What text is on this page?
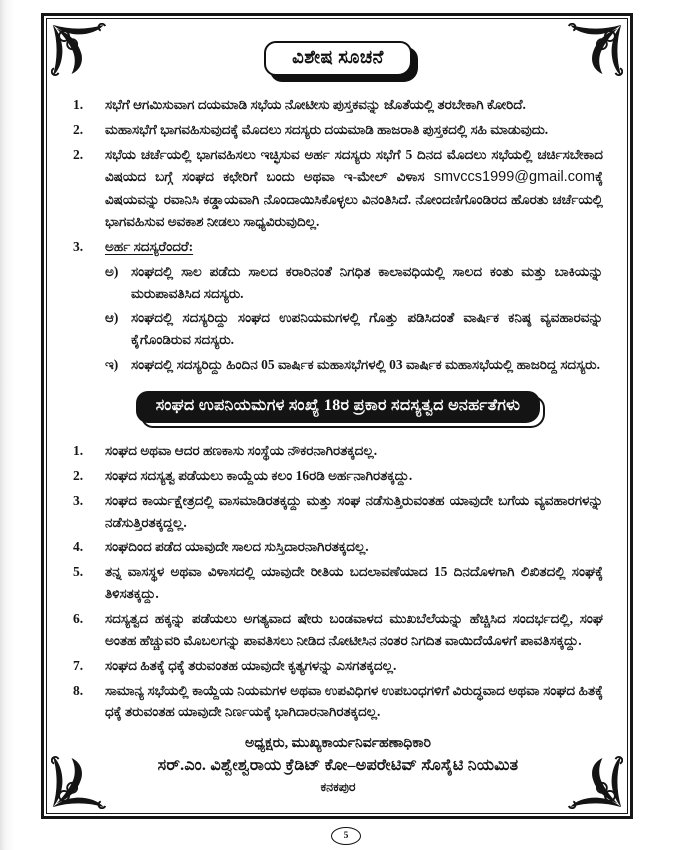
ವಿಶೇಷ ಸೂಚನೆ
1.	ಸಭೆಗೆ ಆಗಮಿಸುವಾಗ ದಯಮಾಡಿ ಸಭೆಯ ನೋಟೀಸು ಪುಸ್ತಕವನ್ನು ಜೊತೆಯಲ್ಲಿ ತರಬೇಕಾಗಿ ಕೋರಿದೆ.
2.	ಮಹಾಸಭೆಗೆ ಭಾಗವಹಿಸುವುದಕ್ಕೆ ಮೊದಲು ಸದಸ್ಯರು ದಯಮಾಡಿ ಹಾಜರಾತಿ ಪುಸ್ತಕದಲ್ಲಿ ಸಹಿ ಮಾಡುವುದು.
2.	ಸಭೆಯ ಚರ್ಚೆಯಲ್ಲಿ ಭಾಗವಹಿಸಲು ಇಚ್ಛಿಸುವ ಅರ್ಹ ಸದಸ್ಯರು ಸಭೆಗೆ 5 ದಿನದ ಮೊದಲು ಸಭೆಯಲ್ಲಿ ಚರ್ಚಿಸಬೇಕಾದ ವಿಷಯದ ಬಗ್ಗೆ ಸಂಘದ ಕಛೇರಿಗೆ ಬಂದು ಅಥವಾ ಇ-ಮೇಲ್ ವಿಳಾಸ smvccs1999@gmail.comಕ್ಕೆ ವಿಷಯವನ್ನು ರವಾನಿಸಿ ಕಡ್ಡಾಯವಾಗಿ ನೊಂದಾಯಿಸಿಕೊಳ್ಳಲು ವಿನಂತಿಸಿದೆ. ನೋಂದಣಿಗೊಂಡಿರದ ಹೊರತು ಚರ್ಚೆಯಲ್ಲಿ ಭಾಗವಹಿಸುವ ಅವಕಾಶ ನೀಡಲು ಸಾಧ್ಯವಿರುವುದಿಲ್ಲ.
3.	ಅರ್ಹ ಸದಸ್ಯರೆಂದರೆ:
ಅ) ಸಂಘದಲ್ಲಿ ಸಾಲ ಪಡೆದು ಸಾಲದ ಕರಾರಿನಂತೆ ನಿಗಧಿತ ಕಾಲಾವಧಿಯಲ್ಲಿ ಸಾಲದ ಕಂತು ಮತ್ತು ಬಾಕಿಯನ್ನು ಮರುಪಾವತಿಸಿದ ಸದಸ್ಯರು.
ಆ) ಸಂಘದಲ್ಲಿ ಸದಸ್ಯರಿದ್ದು ಸಂಘದ ಉಪನಿಯಮಗಳಲ್ಲಿ ಗೊತ್ತು ಪಡಿಸಿದಂತೆ ವಾರ್ಷಿಕ ಕನಿಷ್ಠ ವ್ಯವಹಾರವನ್ನು ಕೈಗೊಂಡಿರುವ ಸದಸ್ಯರು.
ಇ) ಸಂಘದಲ್ಲಿ ಸದಸ್ಯರಿದ್ದು ಹಿಂದಿನ 05 ವಾರ್ಷಿಕ ಮಹಾಸಭೆಗಳಲ್ಲಿ 03 ವಾರ್ಷಿಕ ಮಹಾಸಭೆಯಲ್ಲಿ ಹಾಜರಿದ್ದ ಸದಸ್ಯರು.
ಸಂಘದ ಉಪನಿಯಮಗಳ ಸಂಖ್ಯೆ 18ರ ಪ್ರಕಾರ ಸದಸ್ಯತ್ವದ ಅನರ್ಹತೆಗಳು
1.	ಸಂಘದ ಅಥವಾ ಆದರ ಹಣಕಾಸು ಸಂಸ್ಥೆಯ ನೌಕರನಾಗಿರತಕ್ಕದಲ್ಲ.
2.	ಸಂಘದ ಸದಸ್ಯತ್ವ ಪಡೆಯಲು ಕಾಯ್ದೆಯ ಕಲಂ 16ರಡಿ ಅರ್ಹನಾಗಿರತಕ್ಕದ್ದು.
3.	ಸಂಘದ ಕಾರ್ಯಕ್ಷೇತ್ರದಲ್ಲಿ ವಾಸಮಾಡಿರತಕ್ಕದ್ದು ಮತ್ತು ಸಂಘ ನಡೆಸುತ್ತಿರುವಂತಹ ಯಾವುದೇ ಬಗೆಯ ವ್ಯವಹಾರಗಳನ್ನು ನಡೆಸುತ್ತಿರತಕ್ಕದ್ದಲ್ಲ.
4.	ಸಂಘದಿಂದ ಪಡೆದ ಯಾವುದೇ ಸಾಲದ ಸುಸ್ತಿದಾರನಾಗಿರತಕ್ಕದಲ್ಲ.
5.	ತನ್ನ ವಾಸಸ್ಥಳ ಅಥವಾ ವಿಳಾಸದಲ್ಲಿ ಯಾವುದೇ ರೀತಿಯ ಬದಲಾವಣೆಯಾದ 15 ದಿನದೊಳಗಾಗಿ ಲಿಖಿತದಲ್ಲಿ ಸಂಘಕ್ಕೆ ತಿಳಿಸತಕ್ಕದ್ದು.
6.	ಸದಸ್ಯತ್ವದ ಹಕ್ಕನ್ನು ಪಡೆಯಲು ಅಗತ್ಯವಾದ ಷೇರು ಬಂಡವಾಳದ ಮುಖಬೆಲೆಯನ್ನು ಹೆಚ್ಚಿಸಿದ ಸಂದರ್ಭದಲ್ಲಿ, ಸಂಘ ಅಂತಹ ಹೆಚ್ಚುವರಿ ಮೊಬಲಗನ್ನು ಪಾವತಿಸಲು ನೀಡಿದ ನೋಟೀಸಿನ ನಂತರ ನಿಗದಿತ ವಾಯಿದೆಯೊಳಗೆ ಪಾವತಿಸಕ್ಕದ್ದು.
7.	ಸಂಘದ ಹಿತಕ್ಕೆ ಧಕ್ಕೆ ತರುವಂತಹ ಯಾವುದೇ ಕೃತ್ಯಗಳನ್ನು ಎಸಗತಕ್ಕದಲ್ಲ.
8.	ಸಾಮಾನ್ಯ ಸಭೆಯಲ್ಲಿ ಕಾಯ್ದೆಯ ನಿಯಮಗಳ ಅಥವಾ ಉಪವಿಧಿಗಳ ಉಪಬಂಧಗಳಿಗೆ ವಿರುದ್ಧವಾದ ಅಥವಾ ಸಂಘದ ಹಿತಕ್ಕೆ ಧಕ್ಕೆ ತರುವಂತಹ ಯಾವುದೇ ನಿರ್ಣಯಕ್ಕೆ ಭಾಗಿದಾರನಾಗಿರತಕ್ಕದಲ್ಲ.
ಅಧ್ಯಕ್ಷರು, ಮುಖ್ಯಕಾರ್ಯನಿರ್ವಹಣಾಧಿಕಾರಿ
ಸರ್.ಎಂ. ವಿಶ್ವೇಶ್ವರಾಯ ಕ್ರೆಡಿಟ್ ಕೋ–ಅಪರೇಟಿವ್ ಸೊಸೈಟಿ ನಿಯಮಿತ
ಕನಕಪುರ
5
